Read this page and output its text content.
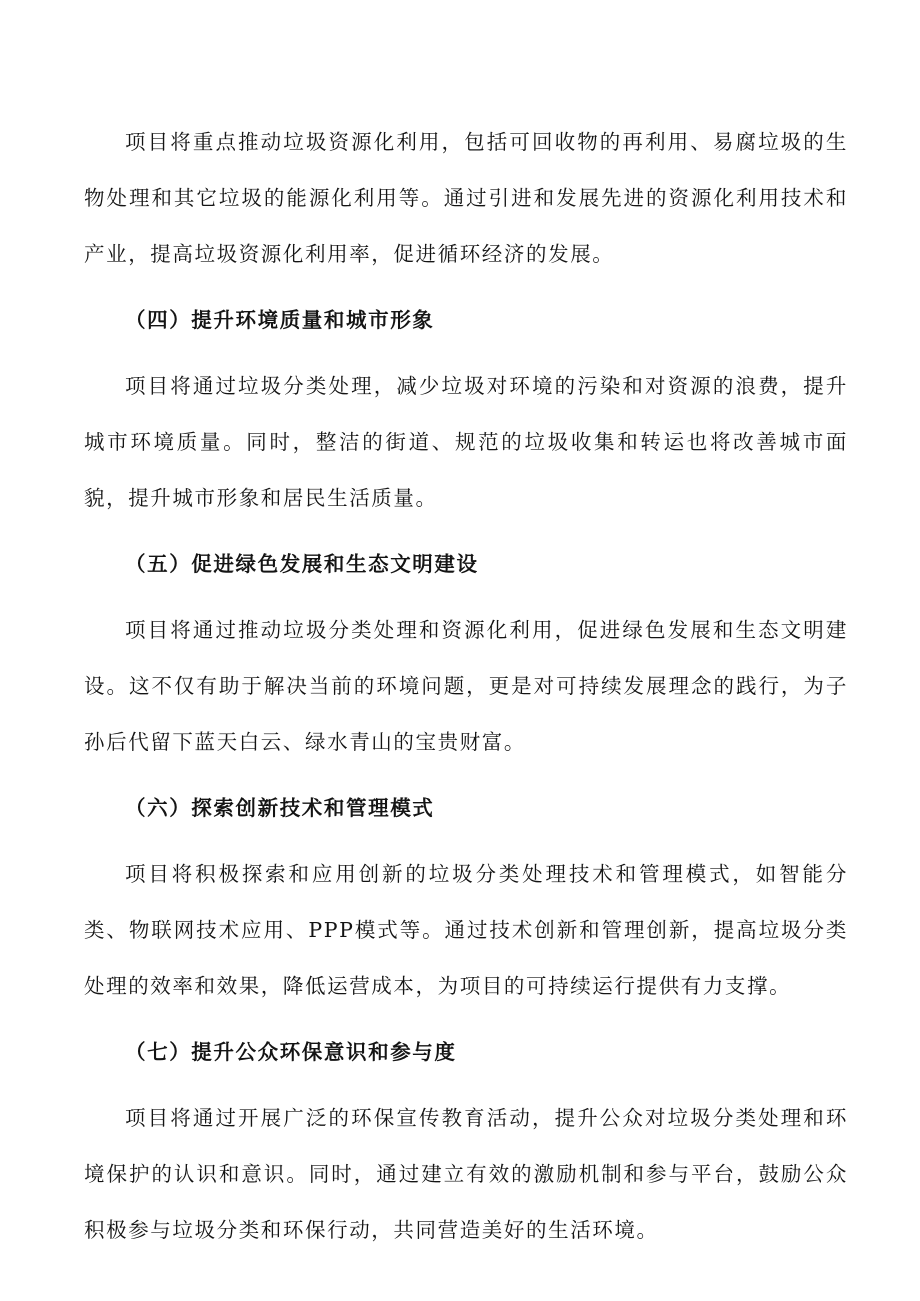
项目将重点推动垃圾资源化利用，包括可回收物的再利用、易腐垃圾的生物处理和其它垃圾的能源化利用等。通过引进和发展先进的资源化利用技术和产业，提高垃圾资源化利用率，促进循环经济的发展。

（四）提升环境质量和城市形象

项目将通过垃圾分类处理，减少垃圾对环境的污染和对资源的浪费，提升城市环境质量。同时，整洁的街道、规范的垃圾收集和转运也将改善城市面貌，提升城市形象和居民生活质量。

（五）促进绿色发展和生态文明建设

项目将通过推动垃圾分类处理和资源化利用，促进绿色发展和生态文明建设。这不仅有助于解决当前的环境问题，更是对可持续发展理念的践行，为子孙后代留下蓝天白云、绿水青山的宝贵财富。

（六）探索创新技术和管理模式

项目将积极探索和应用创新的垃圾分类处理技术和管理模式，如智能分类、物联网技术应用、PPP模式等。通过技术创新和管理创新，提高垃圾分类处理的效率和效果，降低运营成本，为项目的可持续运行提供有力支撑。

（七）提升公众环保意识和参与度

项目将通过开展广泛的环保宣传教育活动，提升公众对垃圾分类处理和环境保护的认识和意识。同时，通过建立有效的激励机制和参与平台，鼓励公众积极参与垃圾分类和环保行动，共同营造美好的生活环境。
